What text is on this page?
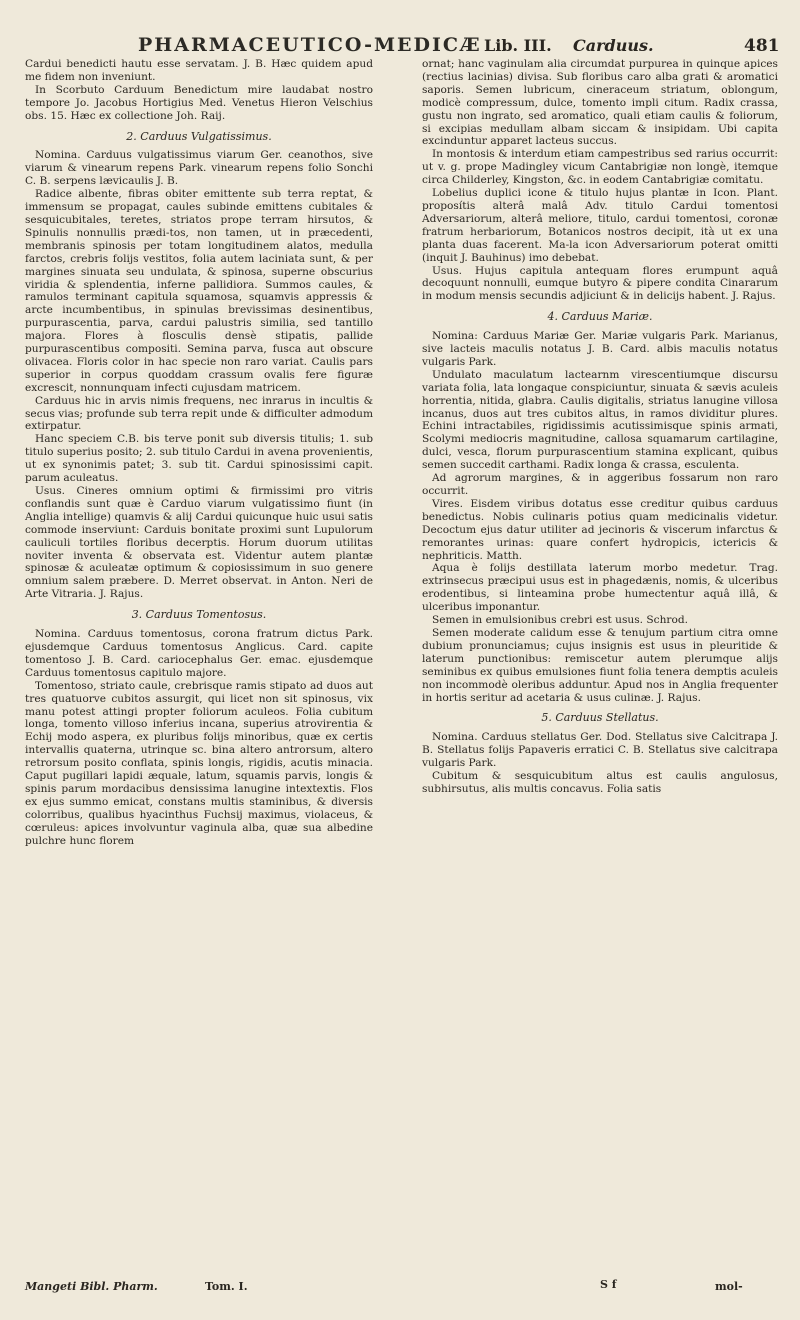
PHARMACEUTICO-MEDICÆ Lib. III. Carduus.	481

Cardui benedicti hautu esse servatam. J. B. Hæc quidem apud me fidem non inveniunt.

In Scorbuto Carduum Benedictum mire laudabat nostro tempore Jo. Jacobus Hortigius Med. Venetus Hieron Velschius obs. 15. Hæc ex collectione Joh. Raij.

2. Carduus Vulgatissimus.

Nomina. Carduus vulgatissimus viarum Ger. ceanothos, sive viarum & vinearum repens Park. vinearum repens folio Sonchi C. B. serpens lævicaulis J. B.

Radice albente, fibras obiter emittente sub terra reptat, & immensum se propagat, caules subinde emittens cubitales & sesquicubitales, teretes, striatos prope terram hirsutos, & Spinulis nonnullis prædi-tos, non tamen, ut in præcedenti, membranis spinosis per totam longitudinem alatos, medulla farctos, crebris folijs vestitos, folia autem laciniata sunt, & per margines sinuata seu undulata, & spinosa, superne obscurius viridia & splendentia, inferne pallidiora. Summos caules, & ramulos terminant capitula squamosa, squamvis appressis & arcte incumbentibus, in spinulas brevissimas desinentibus, purpurascentia, parva, cardui palustris similia, sed tantillo majora. Flores à flosculis densè stipatis, pallide purpurascentibus compositi. Semina parva, fusca aut obscure olivacea. Floris color in hac specie non raro variat. Caulis pars superior in corpus quoddam crassum ovalis fere figuræ excrescit, nonnunquam infecti cujusdam matricem.

Carduus hic in arvis nimis frequens, nec inrarus in incultis & secus vias; profunde sub terra repit unde & difficulter admodum extirpatur.

Hanc speciem C.B. bis terve ponit sub diversis titulis; 1. sub titulo superius posito; 2. sub titulo Cardui in avena provenientis, ut ex synonimis patet; 3. sub tit. Cardui spinosissimi capit. parum aculeatus.

Usus. Cineres omnium optimi & firmissimi pro vitris conflandis sunt quæ è Carduo viarum vulgatissimo fiunt (in Anglia intellige) quamvis & alij Cardui quicunque huic usui satis commode inserviunt: Carduis bonitate proximi sunt Lupulorum cauliculi tortiles floribus decerptis. Horum duorum utilitas noviter inventa & observata est. Videntur autem plantæ spinosæ & aculeatæ optimum & copiosissimum in suo genere omnium salem præbere. D. Merret observat. in Anton. Neri de Arte Vitraria. J. Rajus.

3. Carduus Tomentosus.

Nomina. Carduus tomentosus, corona fratrum dictus Park. ejusdemque Carduus tomentosus Anglicus. Card. capite tomentoso J. B. Card. cariocephalus Ger. emac. ejusdemque Carduus tomentosus capitulo majore.

Tomentoso, striato caule, crebrisque ramis stipato ad duos aut tres quatuorve cubitos assurgit, qui licet non sit spinosus, vix manu potest attingi propter foliorum aculeos. Folia cubitum longa, tomento villoso inferius incana, superius atrovirentia & Echij modo aspera, ex pluribus folijs minoribus, quæ ex certis intervallis quaterna, utrinque sc. bina altero antrorsum, altero retrorsum posito conflata, spinis longis, rigidis, acutis minacia. Caput pugillari lapidi æquale, latum, squamis parvis, longis & spinis parum mordacibus densissima lanugine intextextis. Flos ex ejus summo emicat, constans multis staminibus, & diversis colorribus, qualibus hyacinthus Fuchsij maximus, violaceus, & cœruleus: apices involvuntur vaginula alba, quæ sua albedine pulchre hunc florem

ornat; hanc vaginulam alia circumdat purpurea in quinque apices (rectius lacinias) divisa. Sub floribus caro alba grati & aromatici saporis. Semen lubricum, cineraceum striatum, oblongum, modicè compressum, dulce, tomento impli citum. Radix crassa, gustu non ingrato, sed aromatico, quali etiam caulis & foliorum, si excipias medullam albam siccam & insipidam. Ubi capita excinduntur apparet lacteus succus.

In montosis & interdum etiam campestribus sed rarius occurrit: ut v. g. prope Madingley vicum Cantabrigiæ non longè, itemque circa Childerley, Kingston, &c. in eodem Cantabrigiæ comitatu.

Lobelius duplici icone & titulo hujus plantæ in Icon. Plant. proposítis alterâ malâ Adv. titulo Cardui tomentosi Adversariorum, alterâ meliore, titulo, cardui tomentosi, coronæ fratrum herbariorum, Botanicos nostros decipit, ità ut ex una planta duas facerent. Ma-la icon Adversariorum poterat omitti (inquit J. Bauhinus) imo debebat.

Usus. Hujus capitula antequam flores erumpunt aquâ decoquunt nonnulli, eumque butyro & pipere condita Cinararum in modum mensis secundis adjiciunt & in delicijs habent. J. Rajus.

4. Carduus Mariæ.

Nomina: Carduus Mariæ Ger. Mariæ vulgaris Park. Marianus, sive lacteis maculis notatus J. B. Card. albis maculis notatus vulgaris Park.

Undulato maculatum lactearnm virescentiumque discursu variata folia, lata longaque conspiciuntur, sinuata & sævis aculeis horrentia, nitida, glabra. Caulis digitalis, striatus lanugine villosa incanus, duos aut tres cubitos altus, in ramos dividitur plures. Echini intractabiles, rigidissimis acutissimisque spinis armati, Scolymi mediocris magnitudine, callosa squamarum cartilagine, dulci, vesca, florum purpurascentium stamina explicant, quibus semen succedit carthami. Radix longa & crassa, esculenta.

Ad agrorum margines, & in aggeribus fossarum non raro occurrit.

Vires. Eisdem viribus dotatus esse creditur quibus carduus benedictus. Nobis culinaris potius quam medicinalis videtur. Decoctum ejus datur utiliter ad jecinoris & viscerum infarctus & remorantes urinas: quare confert hydropicis, ictericis & nephriticis. Matth.

Aqua è folijs destillata laterum morbo medetur. Trag. extrinsecus præcipui usus est in phagedænis, nomis, & ulceribus erodentibus, si linteamina probe humectentur aquâ illâ, & ulceribus imponantur.

Semen in emulsionibus crebri est usus. Schrod.

Semen moderate calidum esse & tenujum partium citra omne dubium pronunciamus; cujus insignis est usus in pleuritide & laterum punctionibus: remiscetur autem plerumque alijs seminibus ex quibus emulsiones fiunt folia tenera demptis aculeis non incommodè oleribus adduntur. Apud nos in Anglia frequenter in hortis seritur ad acetaria & usus culinæ. J. Rajus.

5. Carduus Stellatus.

Nomina. Carduus stellatus Ger. Dod. Stellatus sive Calcitrapa J. B. Stellatus folijs Papaveris erratici C. B. Stellatus sive calcitrapa vulgaris Park.

Cubitum & sesquicubitum altus est caulis angulosus, subhirsutus, alis multis concavus. Folia satis

Mangeti Bibl. Pharm.	Tom. I.	S f	mol-
